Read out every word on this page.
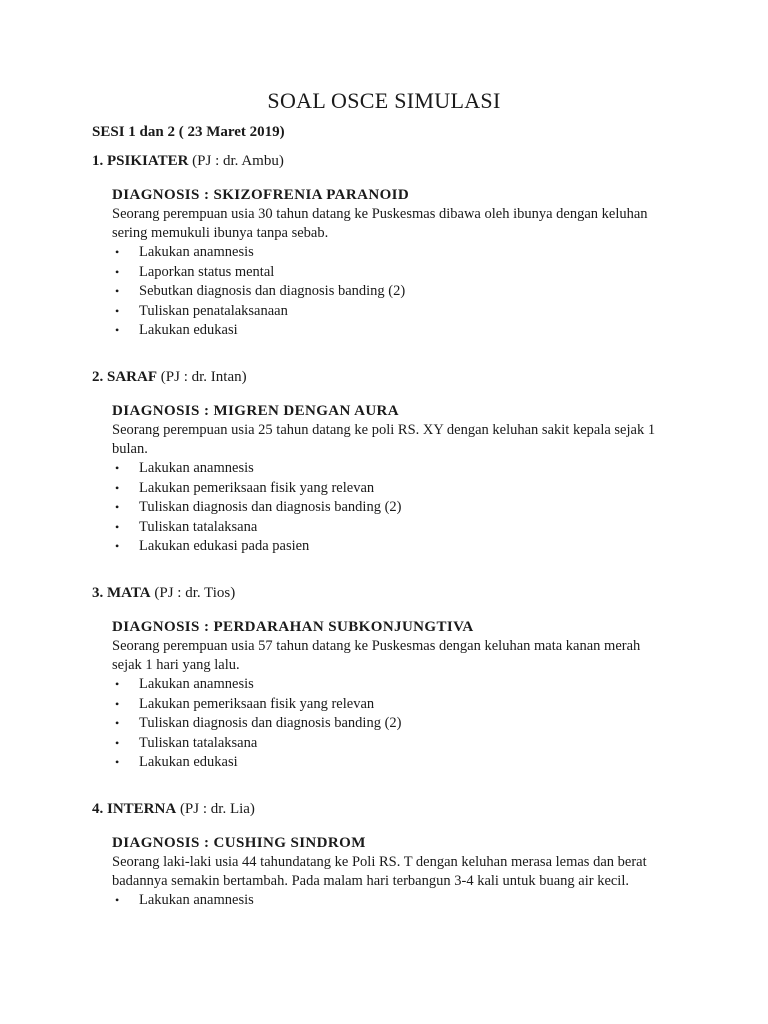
SOAL OSCE SIMULASI
SESI 1 dan 2 ( 23 Maret 2019)
1. PSIKIATER (PJ : dr. Ambu)
DIAGNOSIS : SKIZOFRENIA PARANOID
Seorang perempuan usia 30 tahun datang ke Puskesmas dibawa oleh ibunya dengan keluhan sering memukuli ibunya tanpa sebab.
• Lakukan anamnesis
• Laporkan status mental
• Sebutkan diagnosis dan diagnosis banding (2)
• Tuliskan penatalaksanaan
• Lakukan edukasi
2. SARAF (PJ : dr. Intan)
DIAGNOSIS : MIGREN DENGAN AURA
Seorang perempuan usia 25 tahun datang ke poli RS. XY dengan keluhan sakit kepala sejak 1 bulan.
• Lakukan anamnesis
• Lakukan pemeriksaan fisik yang relevan
• Tuliskan diagnosis dan diagnosis banding (2)
• Tuliskan tatalaksana
• Lakukan edukasi pada pasien
3. MATA (PJ : dr. Tios)
DIAGNOSIS : PERDARAHAN SUBKONJUNGTIVA
Seorang perempuan usia 57 tahun datang ke Puskesmas dengan keluhan mata kanan merah sejak 1 hari yang lalu.
• Lakukan anamnesis
• Lakukan pemeriksaan fisik yang relevan
• Tuliskan diagnosis dan diagnosis banding (2)
• Tuliskan tatalaksana
• Lakukan edukasi
4. INTERNA (PJ : dr. Lia)
DIAGNOSIS : CUSHING SINDROM
Seorang laki-laki usia 44 tahundatang ke Poli RS. T dengan keluhan merasa lemas dan berat badannya semakin bertambah. Pada malam hari terbangun 3-4 kali untuk buang air kecil.
• Lakukan anamnesis
